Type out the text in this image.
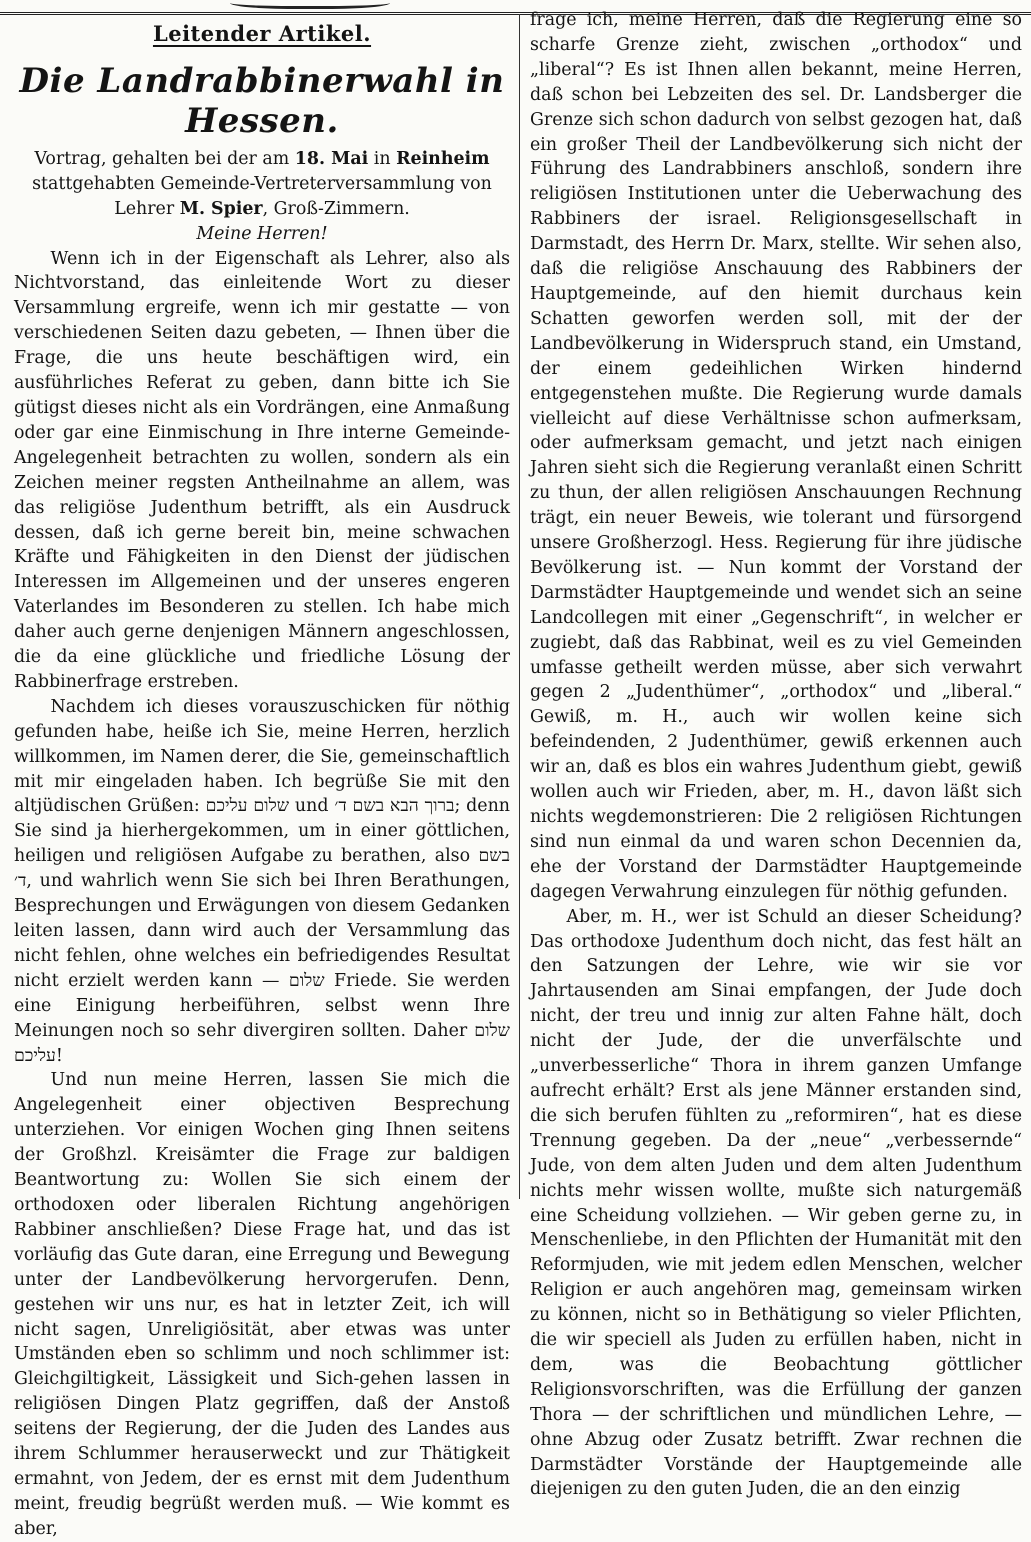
Leitender Artikel.
Die Landrabbinerwahl in Hessen.

Vortrag, gehalten bei der am 18. Mai in Reinheim stattgehabten Gemeinde-Vertreterversammlung von Lehrer M. Spier, Groß-Zimmern.

Meine Herren!

Wenn ich in der Eigenschaft als Lehrer, also als Nichtvorstand, das einleitende Wort zu dieser Versammlung ergreife, wenn ich mir gestatte — von verschiedenen Seiten dazu gebeten, — Ihnen über die Frage, die uns heute beschäftigen wird, ein ausführliches Referat zu geben, dann bitte ich Sie gütigst dieses nicht als ein Vordrängen, eine Anmaßung oder gar eine Einmischung in Ihre interne Gemeinde-Angelegenheit betrachten zu wollen, sondern als ein Zeichen meiner regsten Antheilnahme an allem, was das religiöse Judenthum betrifft, als ein Ausdruck dessen, daß ich gerne bereit bin, meine schwachen Kräfte und Fähigkeiten in den Dienst der jüdischen Interessen im Allgemeinen und der unseres engeren Vaterlandes im Besonderen zu stellen. Ich habe mich daher auch gerne denjenigen Männern angeschlossen, die da eine glückliche und friedliche Lösung der Rabbinerfrage erstreben.

Nachdem ich dieses vorauszuschicken für nöthig gefunden habe, heiße ich Sie, meine Herren, herzlich willkommen, im Namen derer, die Sie, gemeinschaftlich mit mir eingeladen haben. Ich begrüße Sie mit den altjüdischen Grüßen: שלום עליכם und ברוך הבא בשם ד׳; denn Sie sind ja hierhergekommen, um in einer göttlichen, heiligen und religiösen Aufgabe zu berathen, also בשם ד׳, und wahrlich wenn Sie sich bei Ihren Berathungen, Besprechungen und Erwägungen von diesem Gedanken leiten lassen, dann wird auch der Versammlung das nicht fehlen, ohne welches ein befriedigendes Resultat nicht erzielt werden kann — שלום Friede. Sie werden eine Einigung herbeiführen, selbst wenn Ihre Meinungen noch so sehr divergiren sollten. Daher שלום עליכם!

Und nun meine Herren, lassen Sie mich die Angelegenheit einer objectiven Besprechung unterziehen. Vor einigen Wochen ging Ihnen seitens der Großhzl. Kreisämter die Frage zur baldigen Beantwortung zu: Wollen Sie sich einem der orthodoxen oder liberalen Richtung angehörigen Rabbiner anschließen? Diese Frage hat, und das ist vorläufig das Gute daran, eine Erregung und Bewegung unter der Landbevölkerung hervorgerufen. Denn, gestehen wir uns nur, es hat in letzter Zeit, ich will nicht sagen, Unreligiösität, aber etwas was unter Umständen eben so schlimm und noch schlimmer ist: Gleichgiltigkeit, Lässigkeit und Sich-gehen lassen in religiösen Dingen Platz gegriffen, daß der Anstoß seitens der Regierung, der die Juden des Landes aus ihrem Schlummer herauserweckt und zur Thätigkeit ermahnt, von Jedem, der es ernst mit dem Judenthum meint, freudig begrüßt werden muß. — Wie kommt es aber,

frage ich, meine Herren, daß die Regierung eine so scharfe Grenze zieht, zwischen „orthodox“ und „liberal“? Es ist Ihnen allen bekannt, meine Herren, daß schon bei Lebzeiten des sel. Dr. Landsberger die Grenze sich schon dadurch von selbst gezogen hat, daß ein großer Theil der Landbevölkerung sich nicht der Führung des Landrabbiners anschloß, sondern ihre religiösen Institutionen unter die Ueberwachung des Rabbiners der israel. Religionsgesellschaft in Darmstadt, des Herrn Dr. Marx, stellte. Wir sehen also, daß die religiöse Anschauung des Rabbiners der Hauptgemeinde, auf den hiemit durchaus kein Schatten geworfen werden soll, mit der der Landbevölkerung in Widerspruch stand, ein Umstand, der einem gedeihlichen Wirken hindernd entgegenstehen mußte. Die Regierung wurde damals vielleicht auf diese Verhältnisse schon aufmerksam, oder aufmerksam gemacht, und jetzt nach einigen Jahren sieht sich die Regierung veranlaßt einen Schritt zu thun, der allen religiösen Anschauungen Rechnung trägt, ein neuer Beweis, wie tolerant und fürsorgend unsere Großherzogl. Hess. Regierung für ihre jüdische Bevölkerung ist. — Nun kommt der Vorstand der Darmstädter Hauptgemeinde und wendet sich an seine Landcollegen mit einer „Gegenschrift“, in welcher er zugiebt, daß das Rabbinat, weil es zu viel Gemeinden umfasse getheilt werden müsse, aber sich verwahrt gegen 2 „Judenthümer“, „orthodox“ und „liberal.“ Gewiß, m. H., auch wir wollen keine sich befeindenden, 2 Judenthümer, gewiß erkennen auch wir an, daß es blos ein wahres Judenthum giebt, gewiß wollen auch wir Frieden, aber, m. H., davon läßt sich nichts wegdemonstrieren: Die 2 religiösen Richtungen sind nun einmal da und waren schon Decennien da, ehe der Vorstand der Darmstädter Hauptgemeinde dagegen Verwahrung einzulegen für nöthig gefunden.

Aber, m. H., wer ist Schuld an dieser Scheidung? Das orthodoxe Judenthum doch nicht, das fest hält an den Satzungen der Lehre, wie wir sie vor Jahrtausenden am Sinai empfangen, der Jude doch nicht, der treu und innig zur alten Fahne hält, doch nicht der Jude, der die unverfälschte und „unverbesserliche“ Thora in ihrem ganzen Umfange aufrecht erhält? Erst als jene Männer erstanden sind, die sich berufen fühlten zu „reformiren“, hat es diese Trennung gegeben. Da der „neue“ „verbessernde“ Jude, von dem alten Juden und dem alten Judenthum nichts mehr wissen wollte, mußte sich naturgemäß eine Scheidung vollziehen. — Wir geben gerne zu, in Menschenliebe, in den Pflichten der Humanität mit den Reformjuden, wie mit jedem edlen Menschen, welcher Religion er auch angehören mag, gemeinsam wirken zu können, nicht so in Bethätigung so vieler Pflichten, die wir speciell als Juden zu erfüllen haben, nicht in dem, was die Beobachtung göttlicher Religionsvorschriften, was die Erfüllung der ganzen Thora — der schriftlichen und mündlichen Lehre, — ohne Abzug oder Zusatz betrifft. Zwar rechnen die Darmstädter Vorstände der Hauptgemeinde alle diejenigen zu den guten Juden, die an den einzig
